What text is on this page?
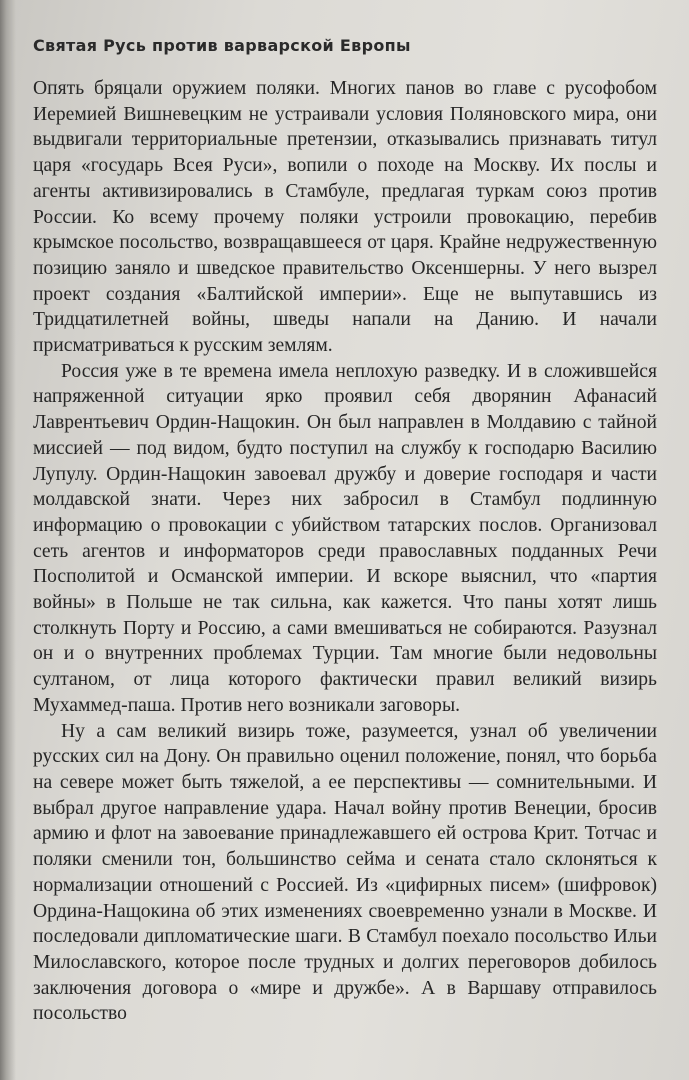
Святая Русь против варварской Европы

Опять бряцали оружием поляки. Многих панов во главе с русофобом Иеремией Вишневецким не устраивали условия Поляновского мира, они выдвигали территориальные претензии, отказывались признавать титул царя «государь Всея Руси», вопили о походе на Москву. Их послы и агенты активизировались в Стамбуле, предлагая туркам союз против России. Ко всему прочему поляки устроили провокацию, перебив крымское посольство, возвращавшееся от царя. Крайне недружественную позицию заняло и шведское правительство Оксеншерны. У него вызрел проект создания «Балтийской империи». Еще не выпутавшись из Тридцатилетней войны, шведы напали на Данию. И начали присматриваться к русским землям.

Россия уже в те времена имела неплохую разведку. И в сложившейся напряженной ситуации ярко проявил себя дворянин Афанасий Лаврентьевич Ордин-Нащокин. Он был направлен в Молдавию с тайной миссией — под видом, будто поступил на службу к господарю Василию Лупулу. Ордин-Нащокин завоевал дружбу и доверие господаря и части молдавской знати. Через них забросил в Стамбул подлинную информацию о провокации с убийством татарских послов. Организовал сеть агентов и информаторов среди православных подданных Речи Посполитой и Османской империи. И вскоре выяснил, что «партия войны» в Польше не так сильна, как кажется. Что паны хотят лишь столкнуть Порту и Россию, а сами вмешиваться не собираются. Разузнал он и о внутренних проблемах Турции. Там многие были недовольны султаном, от лица которого фактически правил великий визирь Мухаммед-паша. Против него возникали заговоры.

Ну а сам великий визирь тоже, разумеется, узнал об увеличении русских сил на Дону. Он правильно оценил положение, понял, что борьба на севере может быть тяжелой, а ее перспективы — сомнительными. И выбрал другое направление удара. Начал войну против Венеции, бросив армию и флот на завоевание принадлежавшего ей острова Крит. Тотчас и поляки сменили тон, большинство сейма и сената стало склоняться к нормализации отношений с Россией. Из «цифирных писем» (шифровок) Ордина-Нащокина об этих изменениях своевременно узнали в Москве. И последовали дипломатические шаги. В Стамбул поехало посольство Ильи Милославского, которое после трудных и долгих переговоров добилось заключения договора о «мире и дружбе». А в Варшаву отправилось посольство
